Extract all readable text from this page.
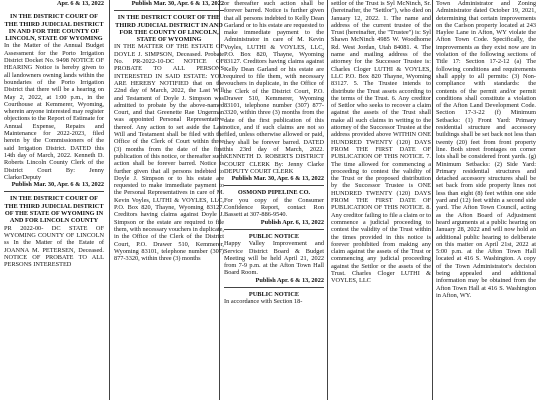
Apr. 6 & 13, 2022

IN THE DISTRICT COURT OF THE THIRD JUDICIAL DISTRICT IN AND FOR THE COUNTY OF LINCOLN, STATE OF WYOMING

In the Matter of the Annual Budget Assessment for the Porto Irrigation District Docket No. 9498 NOTICE OF HEARING Notice is hereby given to all landowners owning lands within the boundaries of the Porto Irrigation District that there will be a hearing on May 2, 2022, at 1:00 p.m., in the Courthouse at Kemmerer, Wyoming, wherein anyone interested may register objections to the Report of Estimate for Annual Expense, Repairs and Maintenance for 2022-2023, filed herein by the Commissioners of the said Irrigation District. DATED this 14th day of March, 2022. Kenneth D. Roberts Lincoln County Clerk of the District Court By: Jenny Clarke/Deputy

Publish Mar. 30, Apr. 6 & 13, 2022

IN THE DISTRICT COURT OF THE THIRD JUDICIAL DISTRICT OF THE STATE OF WYOMING IN AND FOR LINCOLN COUNTY

PR 2022-00- DC STATE OF WYOMING COUNTY OF LINCOLN ss In the Matter of the Estate of JOANNA M. PETERSEN, Deceased. NOTICE OF PROBATE TO ALL PERSONS INTERESTED

Publish Mar. 30, Apr. 6 & 13, 2022

IN THE DISTRICT COURT OF THE THIRD JUDICIAL DISTRICT IN AND FOR THE COUNTY OF LINCOLN, STATE OF WYOMING

IN THE MATTER OF THE ESTATE OF DOYLE J. SIMPSON, Deceased. Probate No. PR-2022-10-DC NOTICE OF PROBATE TO ALL PERSONS INTERESTED IN SAID ESTATE: YOU ARE HEREBY NOTIFIED that on the 22nd day of March, 2022, the Last Will and Testament of Doyle J. Simpson was admitted to probate by the above-named Court, and that Greenette Rae Ungerman was appointed Personal Representative thereof. Any action to set aside the Last Will and Testament shall be filed with the Office of the Clerk of Court within three (3) months from the date of the first publication of this notice, or thereafter such action shall be forever barred. Notice is further given that all persons indebted to Doyle J. Simpson or to his estate are requested to make immediate payment to the Personal Representatives in care of M. Kevin Voyles, LUTHI & VOYLES, LLC, P.O. Box 820, Thayne, Wyoming 83127. Creditors having claims against Doyle J. Simpson or the estate are required to file them, with necessary vouchers in duplicate, in the Office of the Clerk of the District Court, P.O. Drawer 510, Kemmerer, Wyoming 83101, telephone number (307) 877-3320, within three (3) months

or thereafter such action shall be forever barred. Notice is further given that all persons indebted to Kelly Dean Garland or to his estate are requested to make immediate payment to the Administrator in care of M. Kevin Voyles, LUTHI & VOYLES, LLC, P.O. Box 820, Thayne, Wyoming 83127. Creditors having claims against Kelly Dean Garland or his estate are required to file them, with necessary vouchers in duplicate, in the Office of the Clerk of the District Court, P.O. Drawer 510, Kemmerer, Wyoming 83101, telephone number (307) 877-3320, within three (3) months from the date of the first publication of this notice, and if such claims are not so filed, unless otherwise allowed or paid, they shall be forever barred. DATED this 23rd day of March, 2022. KENNETH D. ROBERTS DISTRICT COURT CLERK By: Jenny Clarke DEPUTY COURT CLERK

Publish Mar. 30, Apr. 6 & 13, 2022

OSMOND PIPELINE CO.

For you copy of the Consumer Confidence Report, contact Ron Bassett at 307-886-9540.

Publish Apr. 6, 13, 2022

PUBLIC NOTICE

Happy Valley Improvement and Service District Board & Budget Meeting will be held April 21, 2022 from 7-9 p.m. at the Afton Town Hall Board Room.

Publish Apr. 6 & 13, 2022

PUBLIC NOTICE

In accordance with Section 18-

settlor of the Trust is Syl McNinch, Sr. (hereinafter, the "Settlor"), who died on January 12, 2022. 1. The name and address of the current trustee of the Trust (hereinafter, the "Trustee") is: Syl Shawn McNinch 4985 W. Woodhorne Rd. West Jordan, Utah 84081. 4. The name and mailing address of the attorney for the Successor Trustee is: Charles Cloger LUTHI & VOYLES, LLC P.O. Box 820 Thayne, Wyoming 83127. 5. The Trustee intends to distribute the Trust assets according to the terms of the Trust. 6. Any creditor of Settlor who seeks to recover a claim against the assets of the Trust shall make all such claims in writing to the attorney of the Successor Trustee at the address provided above WITHIN ONE HUNDRED TWENTY (120) DAYS FROM THE FIRST DATE OF PUBLICATION OF THIS NOTICE. 7. The time allowed for commencing a proceeding to contest the validity of the Trust or the proposed distribution by the Successor Trustee is ONE HUNDRED TWENTY (120) DAYS FROM THE FIRST DATE OF PUBLICATION OF THIS NOTICE. 8. Any creditor failing to file a claim or to commence a judicial proceeding to contest the validity of the Trust within the times provided in this notice is forever prohibited from making any claim against the assets of the Trust or commencing any judicial proceeding against the Settlor or the assets of the Trust. Charles Cloger LUTHI & VOYLES, LLC

Town Administrator and Zoning Administrator dated October 19, 2021, determining that certain improvements on the Carlson property located at 243 Haylee Lane in Afton, WY violate the Afton Town Code. Specifically, the improvements as they exist now are in violation of the following sections of Title 17: Section 17-2-12 (a) The following conditions and requirements shall apply to all permits: (3) Non-compliance with standards: the contents of the permit and/or permit conditions shall constitute a violation of the Afton Land Development Code. Section 17-3-22 (f) Minimum Setbacks: (1) Front Yard: Primary residential structure and accessory buildings shall be set back not less than twenty (20) feet from front property line. Both street frontages on corner lots shall be considered front yards. (g) Minimum Setbacks: (2) Side Yard: Primary residential structures and detached accessory structures shall be set back from side property lines not less than eight (8) feet within one side yard and (12) feet within a second side yard. The Afton Town Council, acting as the Afton Board of Adjustment heard arguments at a public hearing on January 28, 2022 and will now hold an additional public hearing to deliberate on this matter on April 21st, 2022 at 5:00 p.m. at the Afton Town Hall located at 416 S. Washington. A copy of the Town Administrator's decision being appealed and additional information may be obtained from the Afton Town Hall at 416 S. Washington in Afton, WY.
